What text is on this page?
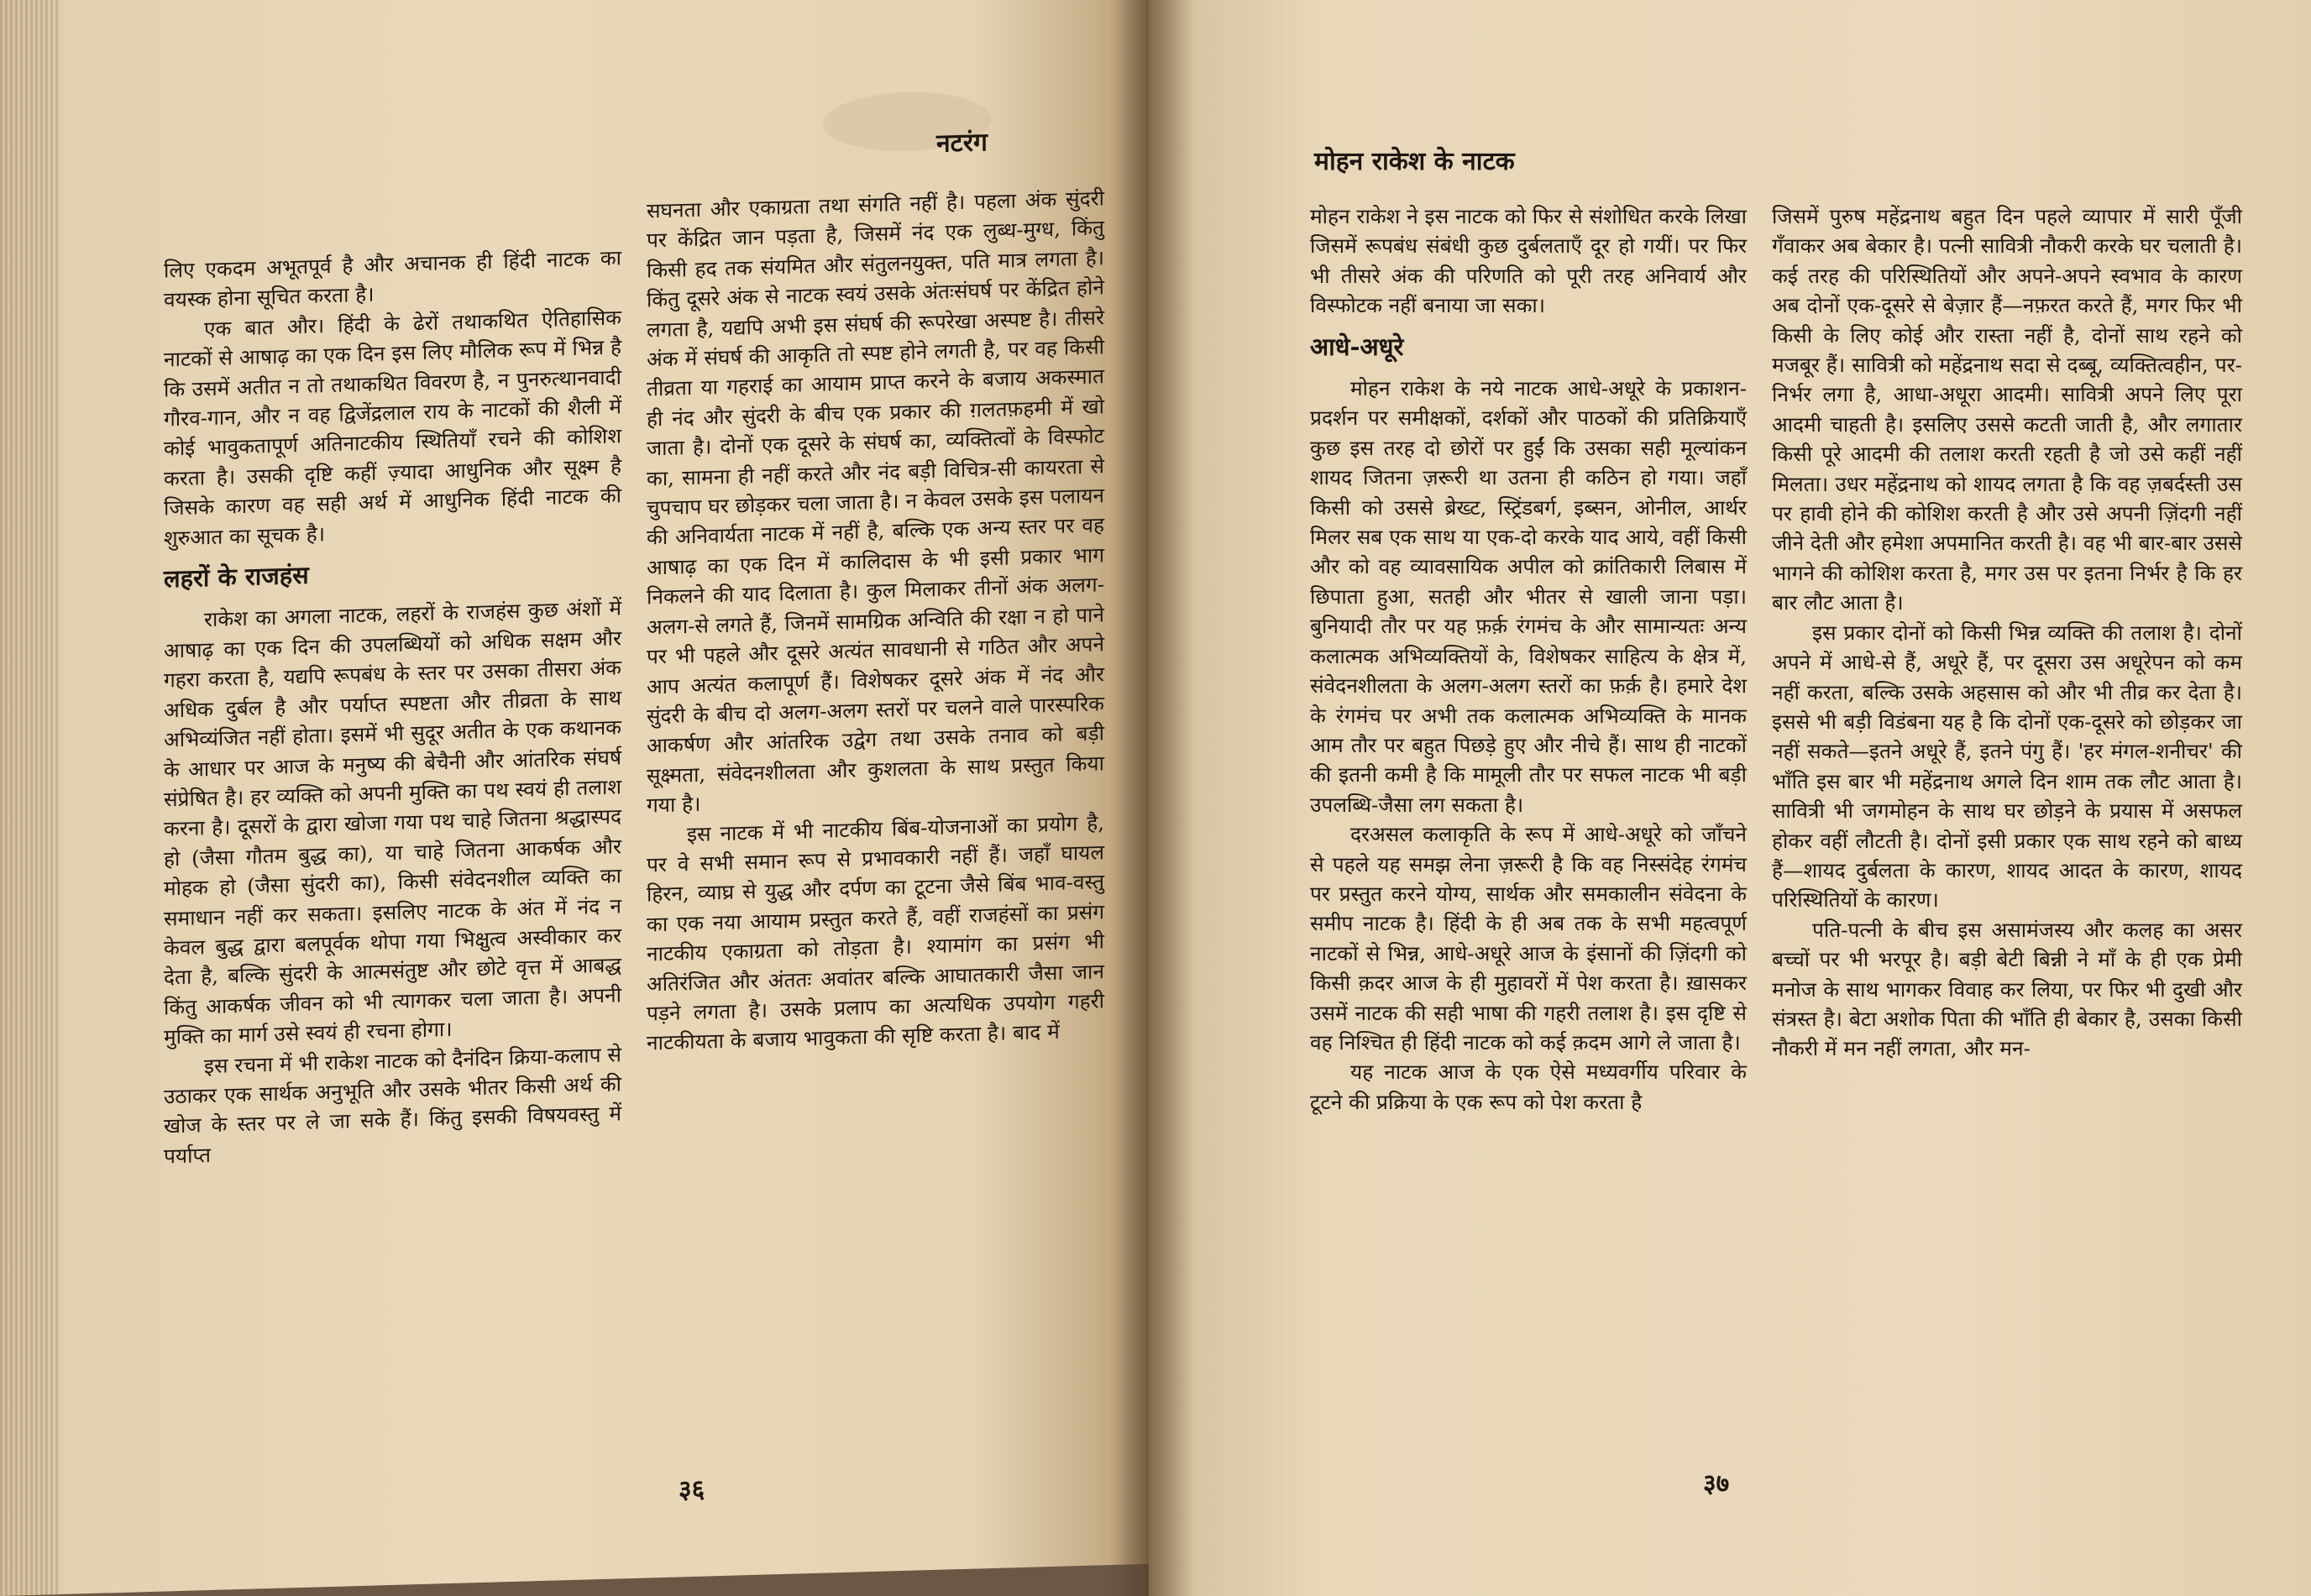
नटरंग

लिए एकदम अभूतपूर्व है और अचानक ही हिंदी नाटक का वयस्क होना सूचित करता है।

एक बात और। हिंदी के ढेरों तथाकथित ऐतिहासिक नाटकों से आषाढ़ का एक दिन इस लिए मौलिक रूप में भिन्न है कि उसमें अतीत न तो तथाकथित विवरण है, न पुनरुत्थानवादी गौरव-गान, और न वह द्विजेंद्रलाल राय के नाटकों की शैली में कोई भावुकतापूर्ण अतिनाटकीय स्थितियाँ रचने की कोशिश करता है। उसकी दृष्टि कहीं ज़्यादा आधुनिक और सूक्ष्म है जिसके कारण वह सही अर्थ में आधुनिक हिंदी नाटक की शुरुआत का सूचक है।

लहरों के राजहंस

राकेश का अगला नाटक, लहरों के राजहंस कुछ अंशों में आषाढ़ का एक दिन की उपलब्धियों को अधिक सक्षम और गहरा करता है, यद्यपि रूपबंध के स्तर पर उसका तीसरा अंक अधिक दुर्बल है और पर्याप्त स्पष्टता और तीव्रता के साथ अभिव्यंजित नहीं होता। इसमें भी सुदूर अतीत के एक कथानक के आधार पर आज के मनुष्य की बेचैनी और आंतरिक संघर्ष संप्रेषित है। हर व्यक्ति को अपनी मुक्ति का पथ स्वयं ही तलाश करना है। दूसरों के द्वारा खोजा गया पथ चाहे जितना श्रद्धास्पद हो (जैसा गौतम बुद्ध का), या चाहे जितना आकर्षक और मोहक हो (जैसा सुंदरी का), किसी संवेदनशील व्यक्ति का समाधान नहीं कर सकता। इसलिए नाटक के अंत में नंद न केवल बुद्ध द्वारा बलपूर्वक थोपा गया भिक्षुत्व अस्वीकार कर देता है, बल्कि सुंदरी के आत्मसंतुष्ट और छोटे वृत्त में आबद्ध किंतु आकर्षक जीवन को भी त्यागकर चला जाता है। अपनी मुक्ति का मार्ग उसे स्वयं ही रचना होगा।

इस रचना में भी राकेश नाटक को दैनंदिन क्रिया-कलाप से उठाकर एक सार्थक अनुभूति और उसके भीतर किसी अर्थ की खोज के स्तर पर ले जा सके हैं। किंतु इसकी विषयवस्तु में पर्याप्त

सघनता और एकाग्रता तथा संगति नहीं है। पहला अंक सुंदरी पर केंद्रित जान पड़ता है, जिसमें नंद एक लुब्ध-मुग्ध, किंतु किसी हद तक संयमित और संतुलनयुक्त, पति मात्र लगता है। किंतु दूसरे अंक से नाटक स्वयं उसके अंतःसंघर्ष पर केंद्रित होने लगता है, यद्यपि अभी इस संघर्ष की रूपरेखा अस्पष्ट है। तीसरे अंक में संघर्ष की आकृति तो स्पष्ट होने लगती है, पर वह किसी तीव्रता या गहराई का आयाम प्राप्त करने के बजाय अकस्मात ही नंद और सुंदरी के बीच एक प्रकार की ग़लतफ़हमी में खो जाता है। दोनों एक दूसरे के संघर्ष का, व्यक्तित्वों के विस्फोट का, सामना ही नहीं करते और नंद बड़ी विचित्र-सी कायरता से चुपचाप घर छोड़कर चला जाता है। न केवल उसके इस पलायन की अनिवार्यता नाटक में नहीं है, बल्कि एक अन्य स्तर पर वह आषाढ़ का एक दिन में कालिदास के भी इसी प्रकार भाग निकलने की याद दिलाता है। कुल मिलाकर तीनों अंक अलग-अलग-से लगते हैं, जिनमें सामग्रिक अन्विति की रक्षा न हो पाने पर भी पहले और दूसरे अत्यंत सावधानी से गठित और अपने आप अत्यंत कलापूर्ण हैं। विशेषकर दूसरे अंक में नंद और सुंदरी के बीच दो अलग-अलग स्तरों पर चलने वाले पारस्परिक आकर्षण और आंतरिक उद्वेग तथा उसके तनाव को बड़ी सूक्ष्मता, संवेदनशीलता और कुशलता के साथ प्रस्तुत किया गया है।

इस नाटक में भी नाटकीय बिंब-योजनाओं का प्रयोग है, पर वे सभी समान रूप से प्रभावकारी नहीं हैं। जहाँ घायल हिरन, व्याघ्र से युद्ध और दर्पण का टूटना जैसे बिंब भाव-वस्तु का एक नया आयाम प्रस्तुत करते हैं, वहीं राजहंसों का प्रसंग नाटकीय एकाग्रता को तोड़ता है। श्यामांग का प्रसंग भी अतिरंजित और अंततः अवांतर बल्कि आघातकारी जैसा जान पड़ने लगता है। उसके प्रलाप का अत्यधिक उपयोग गहरी नाटकीयता के बजाय भावुकता की सृष्टि करता है। बाद में

३६
मोहन राकेश के नाटक

मोहन राकेश ने इस नाटक को फिर से संशोधित करके लिखा जिसमें रूपबंध संबंधी कुछ दुर्बलताएँ दूर हो गयीं। पर फिर भी तीसरे अंक की परिणति को पूरी तरह अनिवार्य और विस्फोटक नहीं बनाया जा सका।

आधे-अधूरे

मोहन राकेश के नये नाटक आधे-अधूरे के प्रकाशन-प्रदर्शन पर समीक्षकों, दर्शकों और पाठकों की प्रतिक्रियाएँ कुछ इस तरह दो छोरों पर हुईं कि उसका सही मूल्यांकन शायद जितना ज़रूरी था उतना ही कठिन हो गया। जहाँ किसी को उससे ब्रेख्ट, स्ट्रिंडबर्ग, इब्सन, ओनील, आर्थर मिलर सब एक साथ या एक-दो करके याद आये, वहीं किसी और को वह व्यावसायिक अपील को क्रांतिकारी लिबास में छिपाता हुआ, सतही और भीतर से खाली जाना पड़ा। बुनियादी तौर पर यह फ़र्क़ रंगमंच के और सामान्यतः अन्य कलात्मक अभिव्यक्तियों के, विशेषकर साहित्य के क्षेत्र में, संवेदनशीलता के अलग-अलग स्तरों का फ़र्क़ है। हमारे देश के रंगमंच पर अभी तक कलात्मक अभिव्यक्ति के मानक आम तौर पर बहुत पिछड़े हुए और नीचे हैं। साथ ही नाटकों की इतनी कमी है कि मामूली तौर पर सफल नाटक भी बड़ी उपलब्धि-जैसा लग सकता है।

दरअसल कलाकृति के रूप में आधे-अधूरे को जाँचने से पहले यह समझ लेना ज़रूरी है कि वह निस्संदेह रंगमंच पर प्रस्तुत करने योग्य, सार्थक और समकालीन संवेदना के समीप नाटक है। हिंदी के ही अब तक के सभी महत्वपूर्ण नाटकों से भिन्न, आधे-अधूरे आज के इंसानों की ज़िंदगी को किसी क़दर आज के ही मुहावरों में पेश करता है। ख़ासकर उसमें नाटक की सही भाषा की गहरी तलाश है। इस दृष्टि से वह निश्चित ही हिंदी नाटक को कई क़दम आगे ले जाता है।

यह नाटक आज के एक ऐसे मध्यवर्गीय परिवार के टूटने की प्रक्रिया के एक रूप को पेश करता है

जिसमें पुरुष महेंद्रनाथ बहुत दिन पहले व्यापार में सारी पूँजी गँवाकर अब बेकार है। पत्नी सावित्री नौकरी करके घर चलाती है। कई तरह की परिस्थितियों और अपने-अपने स्वभाव के कारण अब दोनों एक-दूसरे से बेज़ार हैं—नफ़रत करते हैं, मगर फिर भी किसी के लिए कोई और रास्ता नहीं है, दोनों साथ रहने को मजबूर हैं। सावित्री को महेंद्रनाथ सदा से दब्बू, व्यक्तित्वहीन, पर-निर्भर लगा है, आधा-अधूरा आदमी। सावित्री अपने लिए पूरा आदमी चाहती है। इसलिए उससे कटती जाती है, और लगातार किसी पूरे आदमी की तलाश करती रहती है जो उसे कहीं नहीं मिलता। उधर महेंद्रनाथ को शायद लगता है कि वह ज़बर्दस्ती उस पर हावी होने की कोशिश करती है और उसे अपनी ज़िंदगी नहीं जीने देती और हमेशा अपमानित करती है। वह भी बार-बार उससे भागने की कोशिश करता है, मगर उस पर इतना निर्भर है कि हर बार लौट आता है।

इस प्रकार दोनों को किसी भिन्न व्यक्ति की तलाश है। दोनों अपने में आधे-से हैं, अधूरे हैं, पर दूसरा उस अधूरेपन को कम नहीं करता, बल्कि उसके अहसास को और भी तीव्र कर देता है। इससे भी बड़ी विडंबना यह है कि दोनों एक-दूसरे को छोड़कर जा नहीं सकते—इतने अधूरे हैं, इतने पंगु हैं। 'हर मंगल-शनीचर' की भाँति इस बार भी महेंद्रनाथ अगले दिन शाम तक लौट आता है। सावित्री भी जगमोहन के साथ घर छोड़ने के प्रयास में असफल होकर वहीं लौटती है। दोनों इसी प्रकार एक साथ रहने को बाध्य हैं—शायद दुर्बलता के कारण, शायद आदत के कारण, शायद परिस्थितियों के कारण।

पति-पत्नी के बीच इस असामंजस्य और कलह का असर बच्चों पर भी भरपूर है। बड़ी बेटी बिन्नी ने माँ के ही एक प्रेमी मनोज के साथ भागकर विवाह कर लिया, पर फिर भी दुखी और संत्रस्त है। बेटा अशोक पिता की भाँति ही बेकार है, उसका किसी नौकरी में मन नहीं लगता, और मन-

३७
